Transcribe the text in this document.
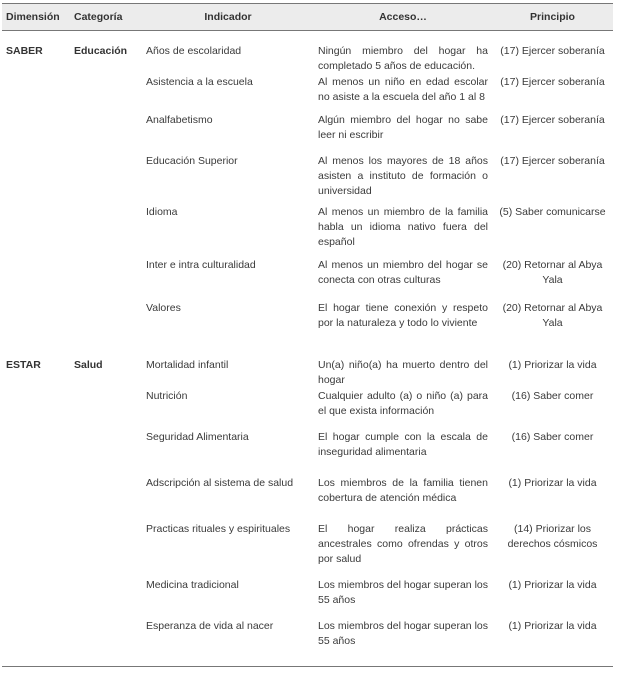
Dimensión	Categoría	Indicador	Acceso…	Principio
SABER	Educación	Años de escolaridad	Ningún miembro del hogar ha completado 5 años de educación.	(17) Ejercer soberanía
		Asistencia a la escuela	Al menos un niño en edad escolar no asiste a la escuela del año 1 al 8	(17) Ejercer soberanía
		Analfabetismo	Algún miembro del hogar no sabe leer ni escribir	(17) Ejercer soberanía
		Educación Superior	Al menos los mayores de 18 años asisten a instituto de formación o universidad	(17) Ejercer soberanía
		Idioma	Al menos un miembro de la familia habla un idioma nativo fuera del español	(5) Saber comunicarse
		Inter e intra culturalidad	Al menos un miembro del hogar se conecta con otras culturas	(20) Retornar al Abya Yala
		Valores	El hogar tiene conexión y respeto por la naturaleza y todo lo viviente	(20) Retornar al Abya Yala
ESTAR	Salud	Mortalidad infantil	Un(a) niño(a) ha muerto dentro del hogar	(1) Priorizar la vida
		Nutrición	Cualquier adulto (a) o niño (a) para el que exista información	(16) Saber comer
		Seguridad Alimentaria	El hogar cumple con la escala de inseguridad alimentaria	(16) Saber comer
		Adscripción al sistema de salud	Los miembros de la familia tienen cobertura de atención médica	(1) Priorizar la vida
		Practicas rituales y espirituales	El hogar realiza prácticas ancestrales como ofrendas y otros por salud	(14) Priorizar los derechos cósmicos
		Medicina tradicional	Los miembros del hogar superan los 55 años	(1) Priorizar la vida
		Esperanza de vida al nacer	Los miembros del hogar superan los 55 años	(1) Priorizar la vida
